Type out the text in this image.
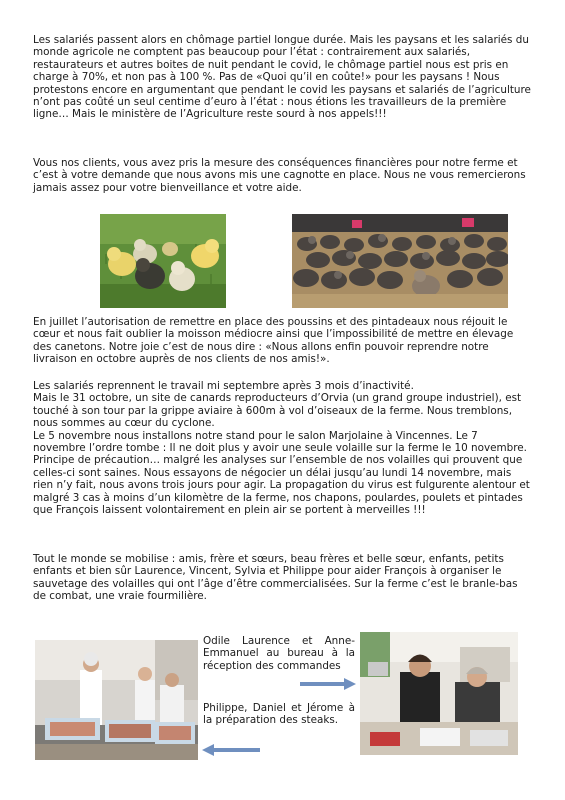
Les salariés passent alors en chômage partiel longue durée. Mais les paysans et les salariés du monde agricole ne comptent pas beaucoup pour l’état : contrairement aux salariés, restaurateurs et autres boites de nuit pendant le covid, le chômage partiel nous est pris en charge à 70%, et non pas à 100 %. Pas de «Quoi qu’il en coûte!» pour les paysans ! Nous protestons encore en argumentant que pendant le covid les paysans et salariés de l’agriculture n’ont pas coûté un seul centime d’euro à l’état : nous étions les travailleurs de la première ligne… Mais le ministère de l’Agriculture reste sourd à nos appels!!!

Vous nos clients, vous avez pris la mesure des conséquences financières pour notre ferme et c’est à votre demande que nous avons mis une cagnotte en place. Nous ne vous remercierons jamais assez pour votre bienveillance et votre aide.

En juillet l’autorisation de remettre en place des poussins et des pintadeaux nous réjouit le cœur et nous fait oublier la moisson médiocre ainsi que l’impossibilité de mettre en élevage des canetons. Notre joie c’est de nous dire : «Nous allons enfin pouvoir reprendre notre livraison en octobre auprès de nos clients de nos amis!».

Les salariés reprennent le travail mi septembre après 3 mois d’inactivité.
Mais le 31 octobre, un site de canards reproducteurs d’Orvia (un grand groupe industriel), est touché à son tour par la grippe aviaire à 600m à vol d’oiseaux de la ferme. Nous tremblons, nous sommes au cœur du cyclone.
Le 5 novembre nous installons notre stand pour le salon Marjolaine à Vincennes. Le 7 novembre l’ordre tombe : Il ne doit plus y avoir une seule volaille sur la ferme le 10 novembre. Principe de précaution… malgré les analyses sur l’ensemble de nos volailles qui prouvent que celles-ci sont saines. Nous essayons de négocier un délai jusqu’au lundi 14 novembre, mais rien n’y fait, nous avons trois jours pour agir. La propagation du virus est fulgurente alentour et malgré 3 cas à moins d’un kilomètre de la ferme, nos chapons, poulardes, poulets et pintades que François laissent volontairement en plein air se portent à merveilles !!!

Tout le monde se mobilise : amis, frère et sœurs, beau frères et belle sœur, enfants, petits enfants et bien sûr Laurence, Vincent, Sylvia et Philippe pour aider François à organiser le sauvetage des volailles qui ont l’âge d’être commercialisées. Sur la ferme c’est le branle-bas de combat, une vraie fourmilière.

Odile Laurence et Anne-Emmanuel au bureau à la réception des commandes

Philippe, Daniel et Jérome à la préparation des steaks.
